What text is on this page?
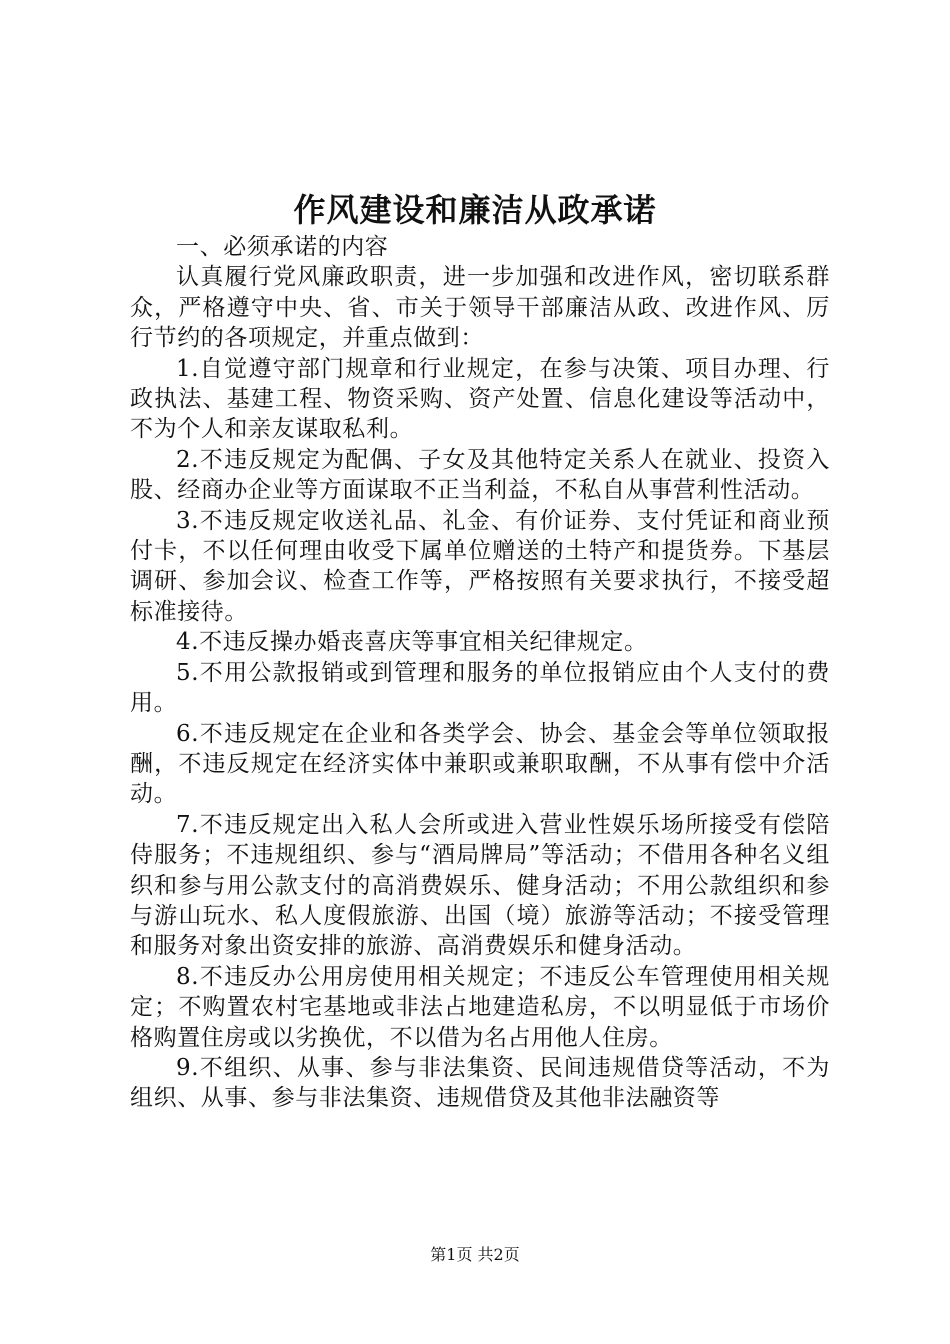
作风建设和廉洁从政承诺

一、必须承诺的内容

认真履行党风廉政职责，进一步加强和改进作风，密切联系群众，严格遵守中央、省、市关于领导干部廉洁从政、改进作风、厉行节约的各项规定，并重点做到：

1.自觉遵守部门规章和行业规定，在参与决策、项目办理、行政执法、基建工程、物资采购、资产处置、信息化建设等活动中，不为个人和亲友谋取私利。

2.不违反规定为配偶、子女及其他特定关系人在就业、投资入股、经商办企业等方面谋取不正当利益，不私自从事营利性活动。

3.不违反规定收送礼品、礼金、有价证券、支付凭证和商业预付卡，不以任何理由收受下属单位赠送的土特产和提货券。下基层调研、参加会议、检查工作等，严格按照有关要求执行，不接受超标准接待。

4.不违反操办婚丧喜庆等事宜相关纪律规定。

5.不用公款报销或到管理和服务的单位报销应由个人支付的费用。

6.不违反规定在企业和各类学会、协会、基金会等单位领取报酬，不违反规定在经济实体中兼职或兼职取酬，不从事有偿中介活动。

7.不违反规定出入私人会所或进入营业性娱乐场所接受有偿陪侍服务；不违规组织、参与“酒局牌局”等活动；不借用各种名义组织和参与用公款支付的高消费娱乐、健身活动；不用公款组织和参与游山玩水、私人度假旅游、出国（境）旅游等活动；不接受管理和服务对象出资安排的旅游、高消费娱乐和健身活动。

8.不违反办公用房使用相关规定；不违反公车管理使用相关规定；不购置农村宅基地或非法占地建造私房，不以明显低于市场价格购置住房或以劣换优，不以借为名占用他人住房。

9.不组织、从事、参与非法集资、民间违规借贷等活动，不为组织、从事、参与非法集资、违规借贷及其他非法融资等

第1页 共2页
